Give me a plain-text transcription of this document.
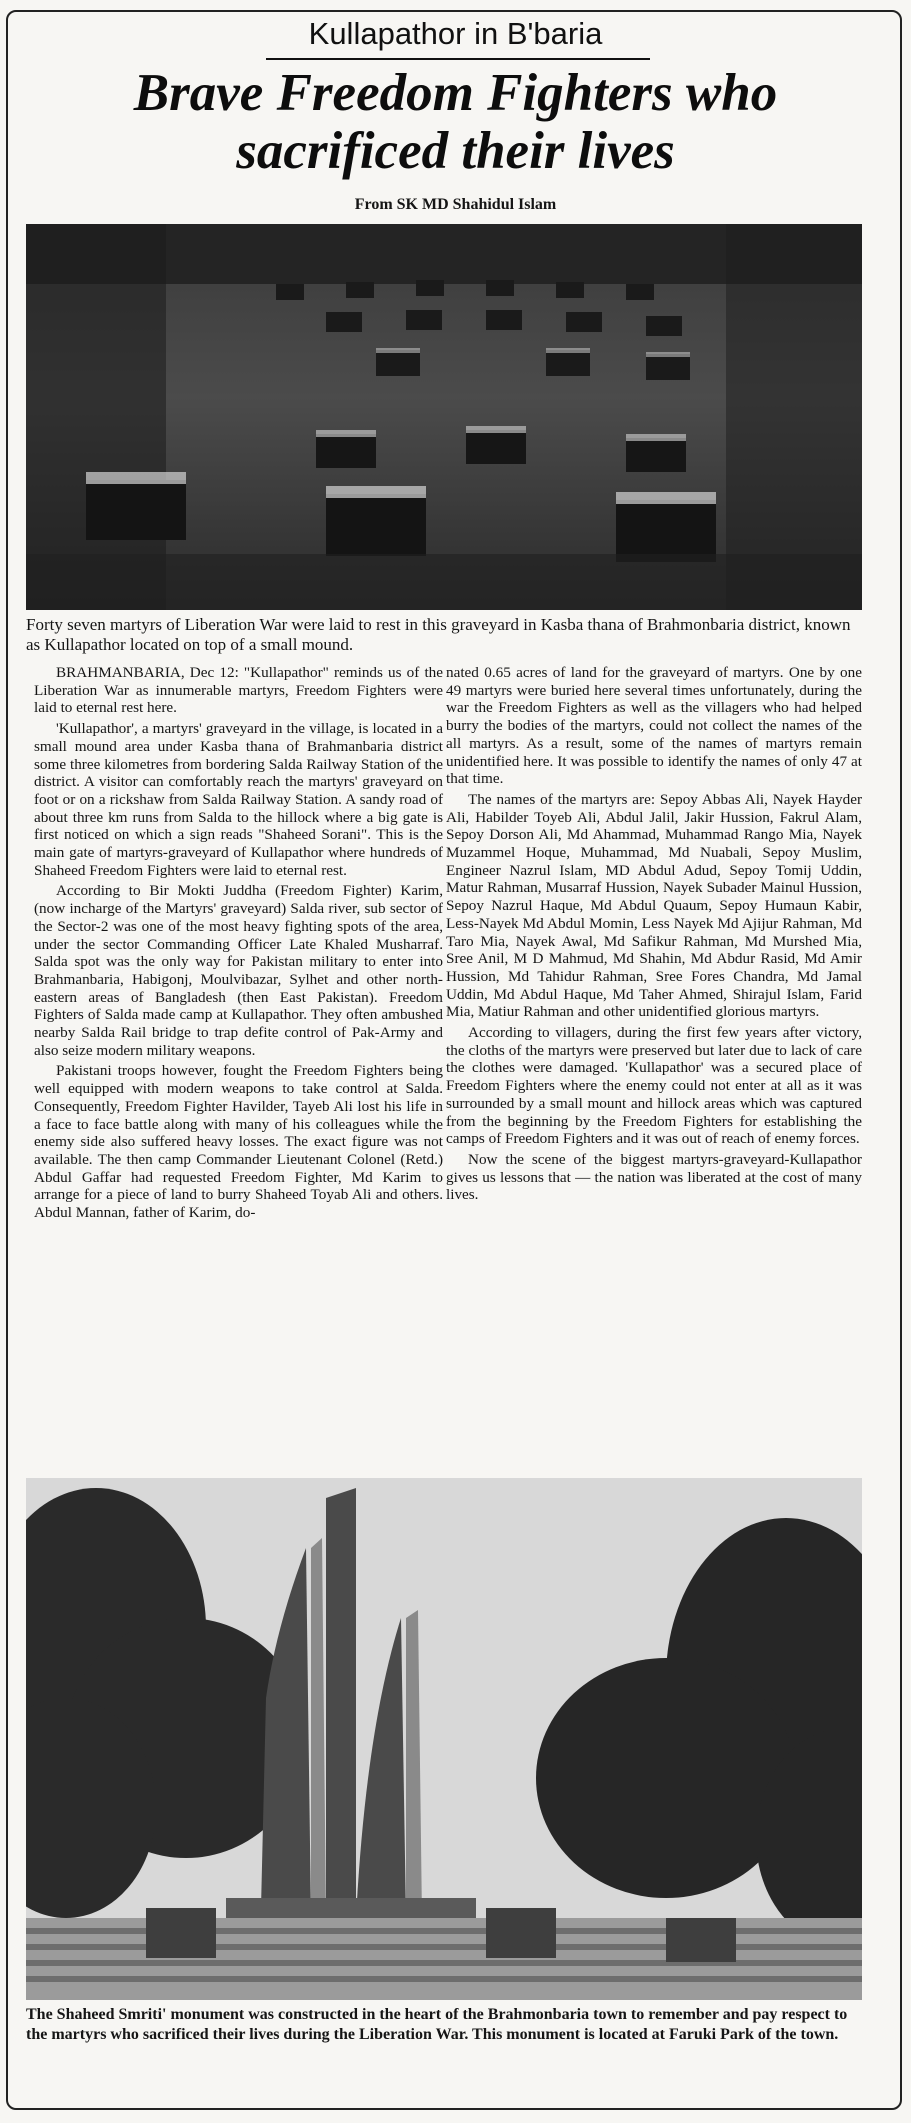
Kullapathor in B'baria
Brave Freedom Fighters who
sacrificed their lives
From SK MD Shahidul Islam
Forty seven martyrs of Liberation War were laid to rest in this graveyard in Kasba thana of Brahmonbaria district, known as Kullapathor located on top of a small mound.

BRAHMANBARIA, Dec 12: "Kullapathor" reminds us of the Liberation War as innumerable martyrs, Freedom Fighters were laid to eternal rest here.

'Kullapathor', a martyrs' graveyard in the village, is located in a small mound area under Kasba thana of Brahmanbaria district some three kilometres from bordering Salda Railway Station of the district. A visitor can comfortably reach the martyrs' graveyard on foot or on a rickshaw from Salda Railway Station. A sandy road of about three km runs from Salda to the hillock where a big gate is first noticed on which a sign reads "Shaheed Sorani". This is the main gate of martyrs-graveyard of Kullapathor where hundreds of Shaheed Freedom Fighters were laid to eternal rest.

According to Bir Mokti Juddha (Freedom Fighter) Karim, (now incharge of the Martyrs' graveyard) Salda river, sub sector of the Sector-2 was one of the most heavy fighting spots of the area, under the sector Commanding Officer Late Khaled Musharraf. Salda spot was the only way for Pakistan military to enter into Brahmanbaria, Habigonj, Moulvibazar, Sylhet and other north-eastern areas of Bangladesh (then East Pakistan). Freedom Fighters of Salda made camp at Kullapathor. They often ambushed nearby Salda Rail bridge to trap defite control of Pak-Army and also seize modern military weapons.

Pakistani troops however, fought the Freedom Fighters being well equipped with modern weapons to take control at Salda. Consequently, Freedom Fighter Havilder, Tayeb Ali lost his life in a face to face battle along with many of his colleagues while the enemy side also suffered heavy losses. The exact figure was not available. The then camp Commander Lieutenant Colonel (Retd.) Abdul Gaffar had requested Freedom Fighter, Md Karim to arrange for a piece of land to burry Shaheed Toyab Ali and others. Abdul Mannan, father of Karim, do-

nated 0.65 acres of land for the graveyard of martyrs. One by one 49 martyrs were buried here several times unfortunately, during the war the Freedom Fighters as well as the villagers who had helped burry the bodies of the martyrs, could not collect the names of the all martyrs. As a result, some of the names of martyrs remain unidentified here. It was possible to identify the names of only 47 at that time.

The names of the martyrs are: Sepoy Abbas Ali, Nayek Hayder Ali, Habilder Toyeb Ali, Abdul Jalil, Jakir Hussion, Fakrul Alam, Sepoy Dorson Ali, Md Ahammad, Muhammad Rango Mia, Nayek Muzammel Hoque, Muhammad, Md Nuabali, Sepoy Muslim, Engineer Nazrul Islam, MD Abdul Adud, Sepoy Tomij Uddin, Matur Rahman, Musarraf Hussion, Nayek Subader Mainul Hussion, Sepoy Nazrul Haque, Md Abdul Quaum, Sepoy Humaun Kabir, Less-Nayek Md Abdul Momin, Less Nayek Md Ajijur Rahman, Md Taro Mia, Nayek Awal, Md Safikur Rahman, Md Murshed Mia, Sree Anil, M D Mahmud, Md Shahin, Md Abdur Rasid, Md Amir Hussion, Md Tahidur Rahman, Sree Fores Chandra, Md Jamal Uddin, Md Abdul Haque, Md Taher Ahmed, Shirajul Islam, Farid Mia, Matiur Rahman and other unidentified glorious martyrs.

According to villagers, during the first few years after victory, the cloths of the martyrs were preserved but later due to lack of care the clothes were damaged. 'Kullapathor' was a secured place of Freedom Fighters where the enemy could not enter at all as it was surrounded by a small mount and hillock areas which was captured from the beginning by the Freedom Fighters for establishing the camps of Freedom Fighters and it was out of reach of enemy forces.

Now the scene of the biggest martyrs-graveyard-Kullapathor gives us lessons that — the nation was liberated at the cost of many lives.

The Shaheed Smriti' monument was constructed in the heart of the Brahmonbaria town to remember and pay respect to the martyrs who sacrificed their lives during the Liberation War. This monument is located at Faruki Park of the town.
